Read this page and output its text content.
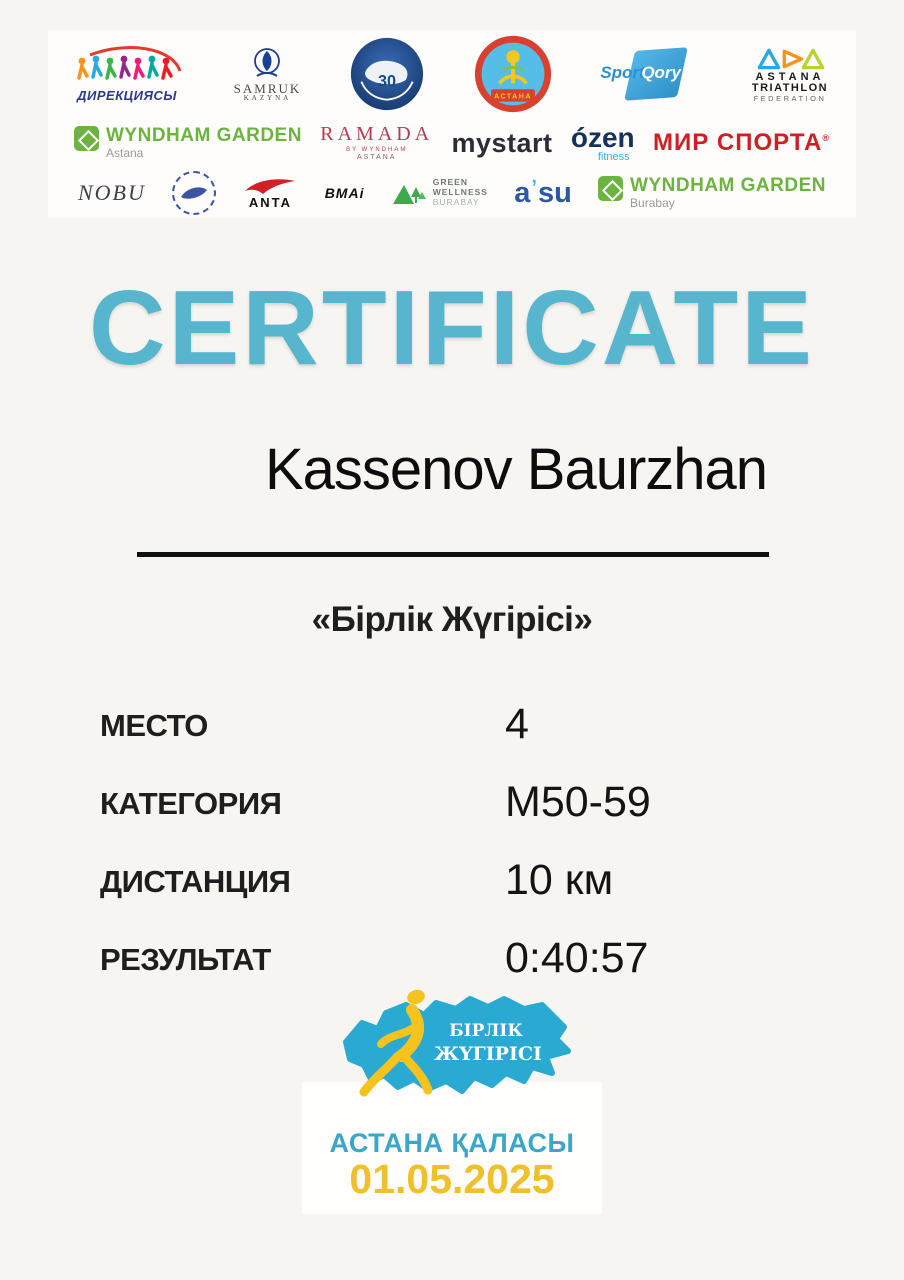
ДИРЕКЦИЯСЫ
SAMRUK
KAZYNA
30
АСТАНА
Sport
Qory	ASTANA
TRIATHLON
FEDERATION
WYNDHAM GARDEN
Astana
RAMADA
BY WYNDHAM
ASTANA
mystart ózen
fitness
МИР СПОРТА®
NOBU	ANTA
BMAi
GREEN
WELLNESS
BURABAY $a^ʼsu$	WYNDHAM GARDEN
Burabay
CERTIFICATE
Kassenov Baurzhan
«Бірлік Жүгірісі»
МЕСТО	4
КАТЕГОРИЯ	M50-59
ДИСТАНЦИЯ	10 км
РЕЗУЛЬТАТ	0:40:57
БІРЛІК
ЖҮГІРІСІ
АСТАНА ҚАЛАСЫ
01.05.2025
